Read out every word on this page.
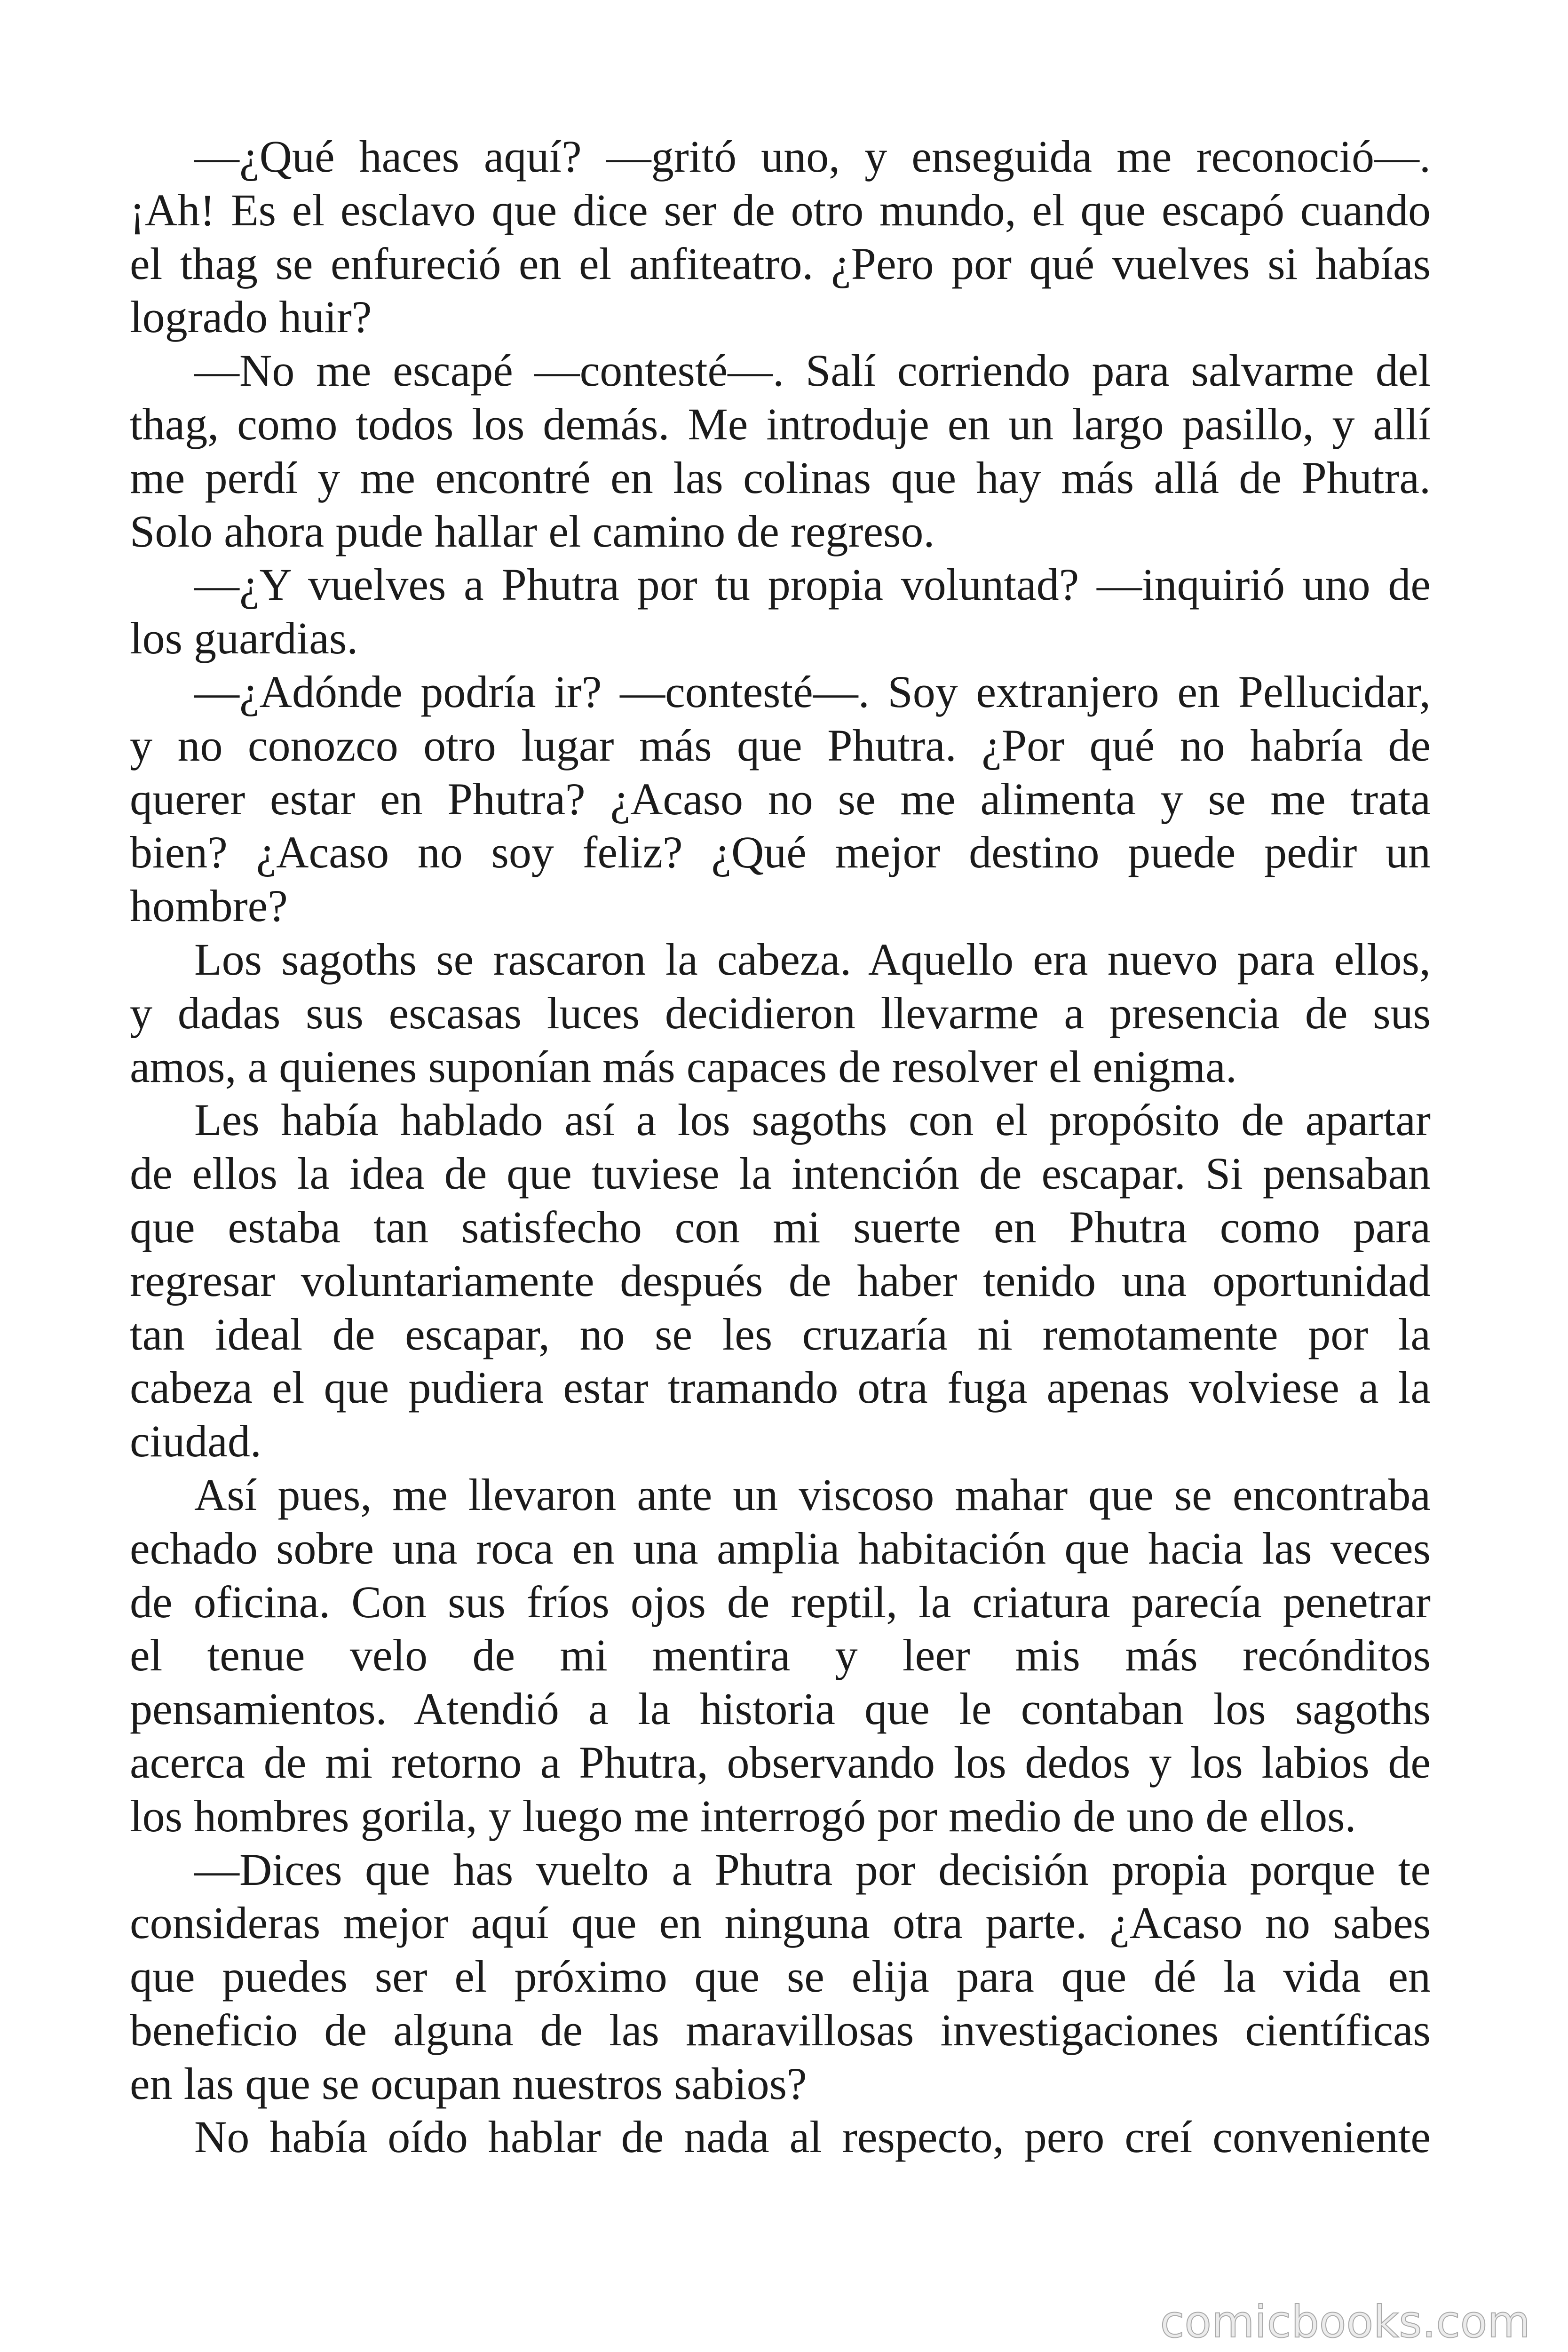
—¿Qué haces aquí? —gritó uno, y enseguida me reconoció—.
¡Ah! Es el esclavo que dice ser de otro mundo, el que escapó cuando
el thag se enfureció en el anfiteatro. ¿Pero por qué vuelves si habías
logrado huir?
—No me escapé —contesté—. Salí corriendo para salvarme del
thag, como todos los demás. Me introduje en un largo pasillo, y allí
me perdí y me encontré en las colinas que hay más allá de Phutra.
Solo ahora pude hallar el camino de regreso.
—¿Y vuelves a Phutra por tu propia voluntad? —inquirió uno de
los guardias.
—¿Adónde podría ir? —contesté—. Soy extranjero en Pellucidar,
y no conozco otro lugar más que Phutra. ¿Por qué no habría de
querer estar en Phutra? ¿Acaso no se me alimenta y se me trata
bien? ¿Acaso no soy feliz? ¿Qué mejor destino puede pedir un
hombre?
Los sagoths se rascaron la cabeza. Aquello era nuevo para ellos,
y dadas sus escasas luces decidieron llevarme a presencia de sus
amos, a quienes suponían más capaces de resolver el enigma.
Les había hablado así a los sagoths con el propósito de apartar
de ellos la idea de que tuviese la intención de escapar. Si pensaban
que estaba tan satisfecho con mi suerte en Phutra como para
regresar voluntariamente después de haber tenido una oportunidad
tan ideal de escapar, no se les cruzaría ni remotamente por la
cabeza el que pudiera estar tramando otra fuga apenas volviese a la
ciudad.
Así pues, me llevaron ante un viscoso mahar que se encontraba
echado sobre una roca en una amplia habitación que hacia las veces
de oficina. Con sus fríos ojos de reptil, la criatura parecía penetrar
el tenue velo de mi mentira y leer mis más recónditos
pensamientos. Atendió a la historia que le contaban los sagoths
acerca de mi retorno a Phutra, observando los dedos y los labios de
los hombres gorila, y luego me interrogó por medio de uno de ellos.
—Dices que has vuelto a Phutra por decisión propia porque te
consideras mejor aquí que en ninguna otra parte. ¿Acaso no sabes
que puedes ser el próximo que se elija para que dé la vida en
beneficio de alguna de las maravillosas investigaciones científicas
en las que se ocupan nuestros sabios?
No había oído hablar de nada al respecto, pero creí conveniente
comicbooks.com
